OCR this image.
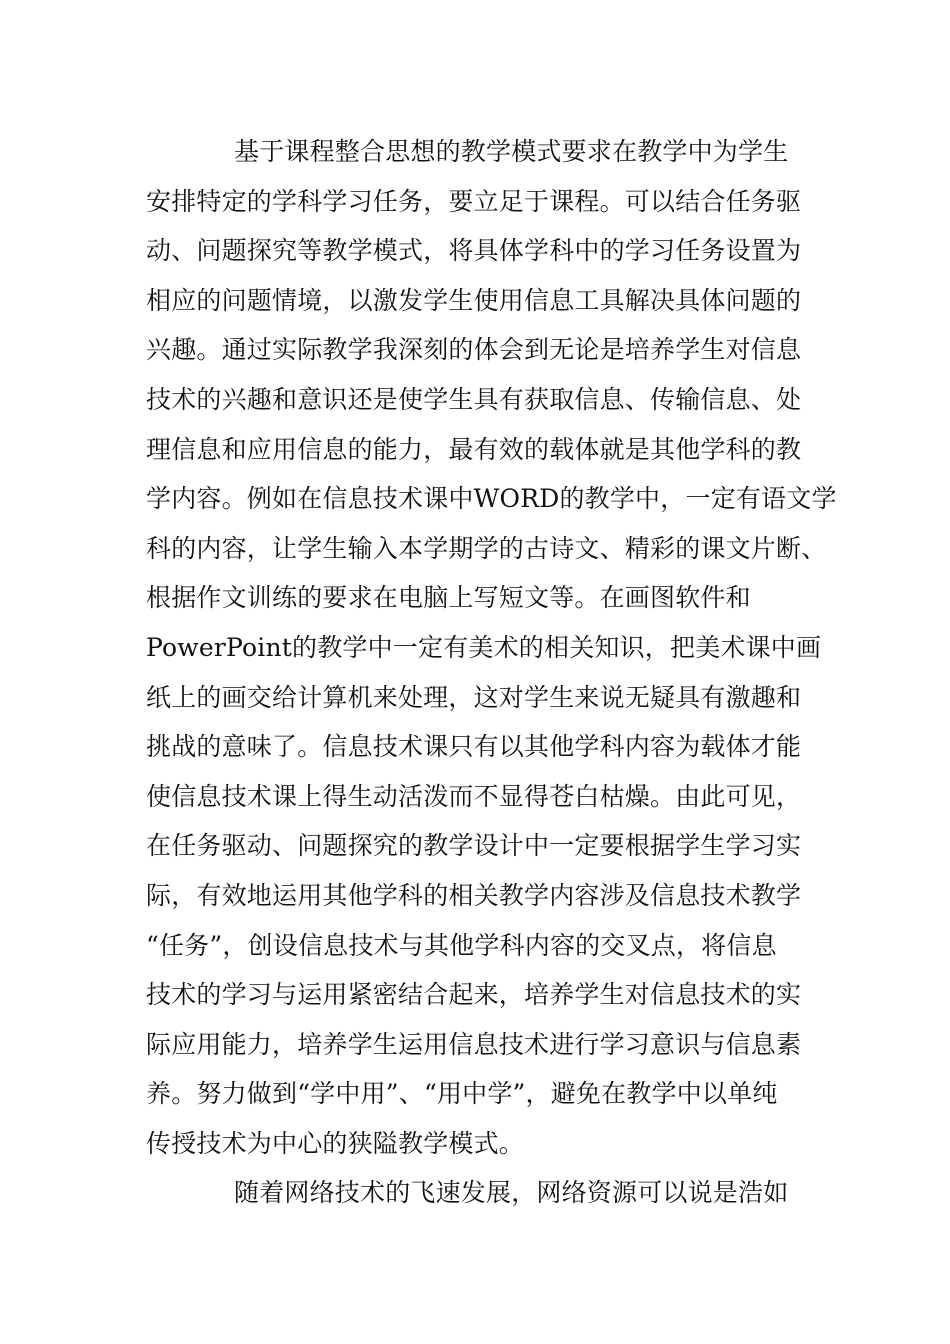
基于课程整合思想的教学模式要求在教学中为学生
安排特定的学科学习任务，要立足于课程。可以结合任务驱
动、问题探究等教学模式，将具体学科中的学习任务设置为
相应的问题情境，以激发学生使用信息工具解决具体问题的
兴趣。通过实际教学我深刻的体会到无论是培养学生对信息
技术的兴趣和意识还是使学生具有获取信息、传输信息、处
理信息和应用信息的能力，最有效的载体就是其他学科的教
学内容。例如在信息技术课中WORD的教学中，一定有语文学
科的内容，让学生输入本学期学的古诗文、精彩的课文片断、
根据作文训练的要求在电脑上写短文等。在画图软件和
PowerPoint的教学中一定有美术的相关知识，把美术课中画
纸上的画交给计算机来处理，这对学生来说无疑具有激趣和
挑战的意味了。信息技术课只有以其他学科内容为载体才能
使信息技术课上得生动活泼而不显得苍白枯燥。由此可见，
在任务驱动、问题探究的教学设计中一定要根据学生学习实
际，有效地运用其他学科的相关教学内容涉及信息技术教学
“任务”，创设信息技术与其他学科内容的交叉点，将信息
技术的学习与运用紧密结合起来，培养学生对信息技术的实
际应用能力，培养学生运用信息技术进行学习意识与信息素
养。努力做到“学中用”、“用中学”，避免在教学中以单纯
传授技术为中心的狭隘教学模式。
随着网络技术的飞速发展，网络资源可以说是浩如
